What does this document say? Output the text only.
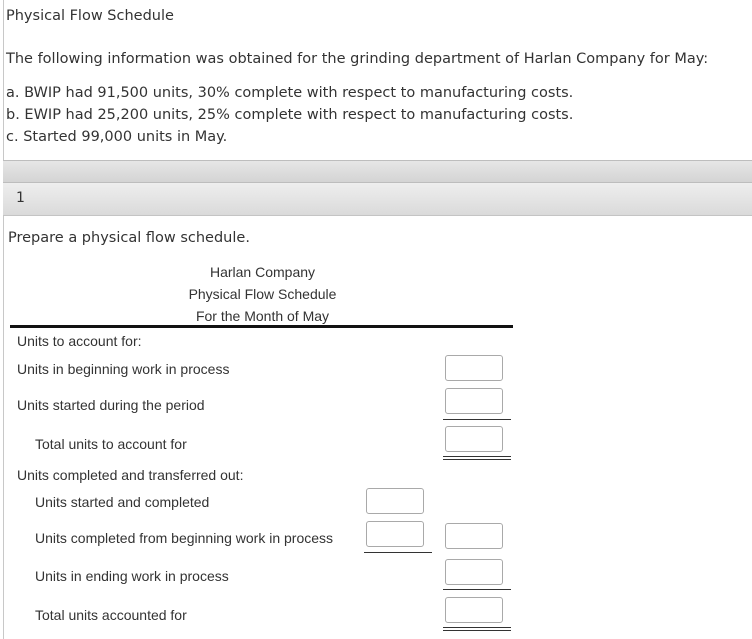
Physical Flow Schedule
The following information was obtained for the grinding department of Harlan Company for May:
a. BWIP had 91,500 units, 30% complete with respect to manufacturing costs.
b. EWIP had 25,200 units, 25% complete with respect to manufacturing costs.
c. Started 99,000 units in May.
1
Prepare a physical flow schedule.
Harlan Company
Physical Flow Schedule
For the Month of May
Units to account for:
Units in beginning work in process
Units started during the period
Total units to account for
Units completed and transferred out:
Units started and completed
Units completed from beginning work in process
Units in ending work in process
Total units accounted for
